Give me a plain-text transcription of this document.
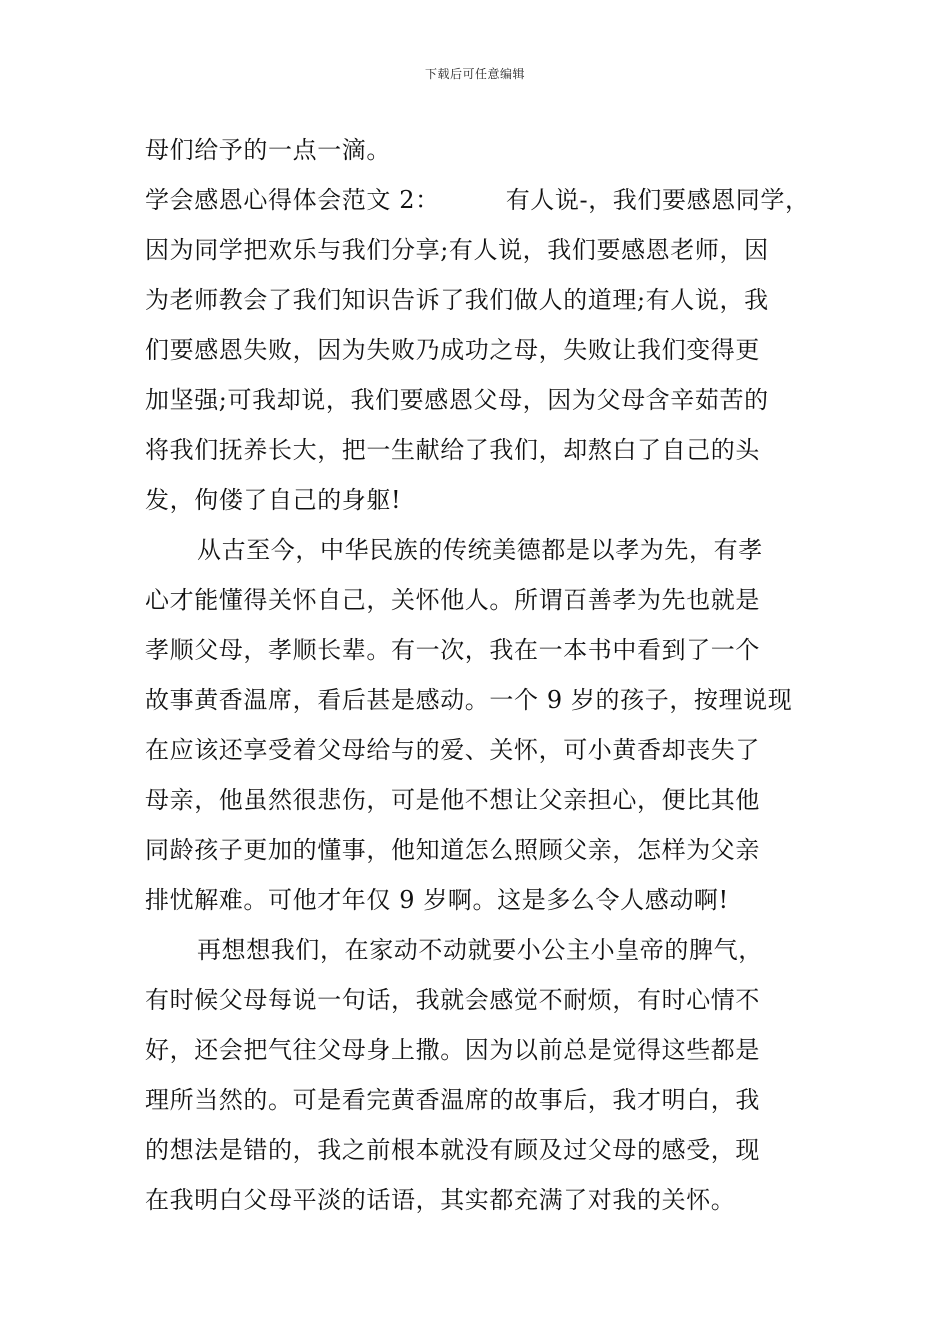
下载后可任意编辑
母们给予的一点一滴。
学会感恩心得体会范文 2：	有人说-，我们要感恩同学，
因为同学把欢乐与我们分享;有人说，我们要感恩老师，因
为老师教会了我们知识告诉了我们做人的道理;有人说，我
们要感恩失败，因为失败乃成功之母，失败让我们变得更
加坚强;可我却说，我们要感恩父母，因为父母含辛茹苦的
将我们抚养长大，把一生献给了我们，却熬白了自己的头
发，佝偻了自己的身躯!
从古至今，中华民族的传统美德都是以孝为先，有孝
心才能懂得关怀自己，关怀他人。所谓百善孝为先也就是
孝顺父母，孝顺长辈。有一次，我在一本书中看到了一个
故事黄香温席，看后甚是感动。一个 9 岁的孩子，按理说现
在应该还享受着父母给与的爱、关怀，可小黄香却丧失了
母亲，他虽然很悲伤，可是他不想让父亲担心，便比其他
同龄孩子更加的懂事，他知道怎么照顾父亲，怎样为父亲
排忧解难。可他才年仅 9 岁啊。这是多么令人感动啊!
再想想我们，在家动不动就要小公主小皇帝的脾气，
有时候父母每说一句话，我就会感觉不耐烦，有时心情不
好，还会把气往父母身上撒。因为以前总是觉得这些都是
理所当然的。可是看完黄香温席的故事后，我才明白，我
的想法是错的，我之前根本就没有顾及过父母的感受，现
在我明白父母平淡的话语，其实都充满了对我的关怀。
